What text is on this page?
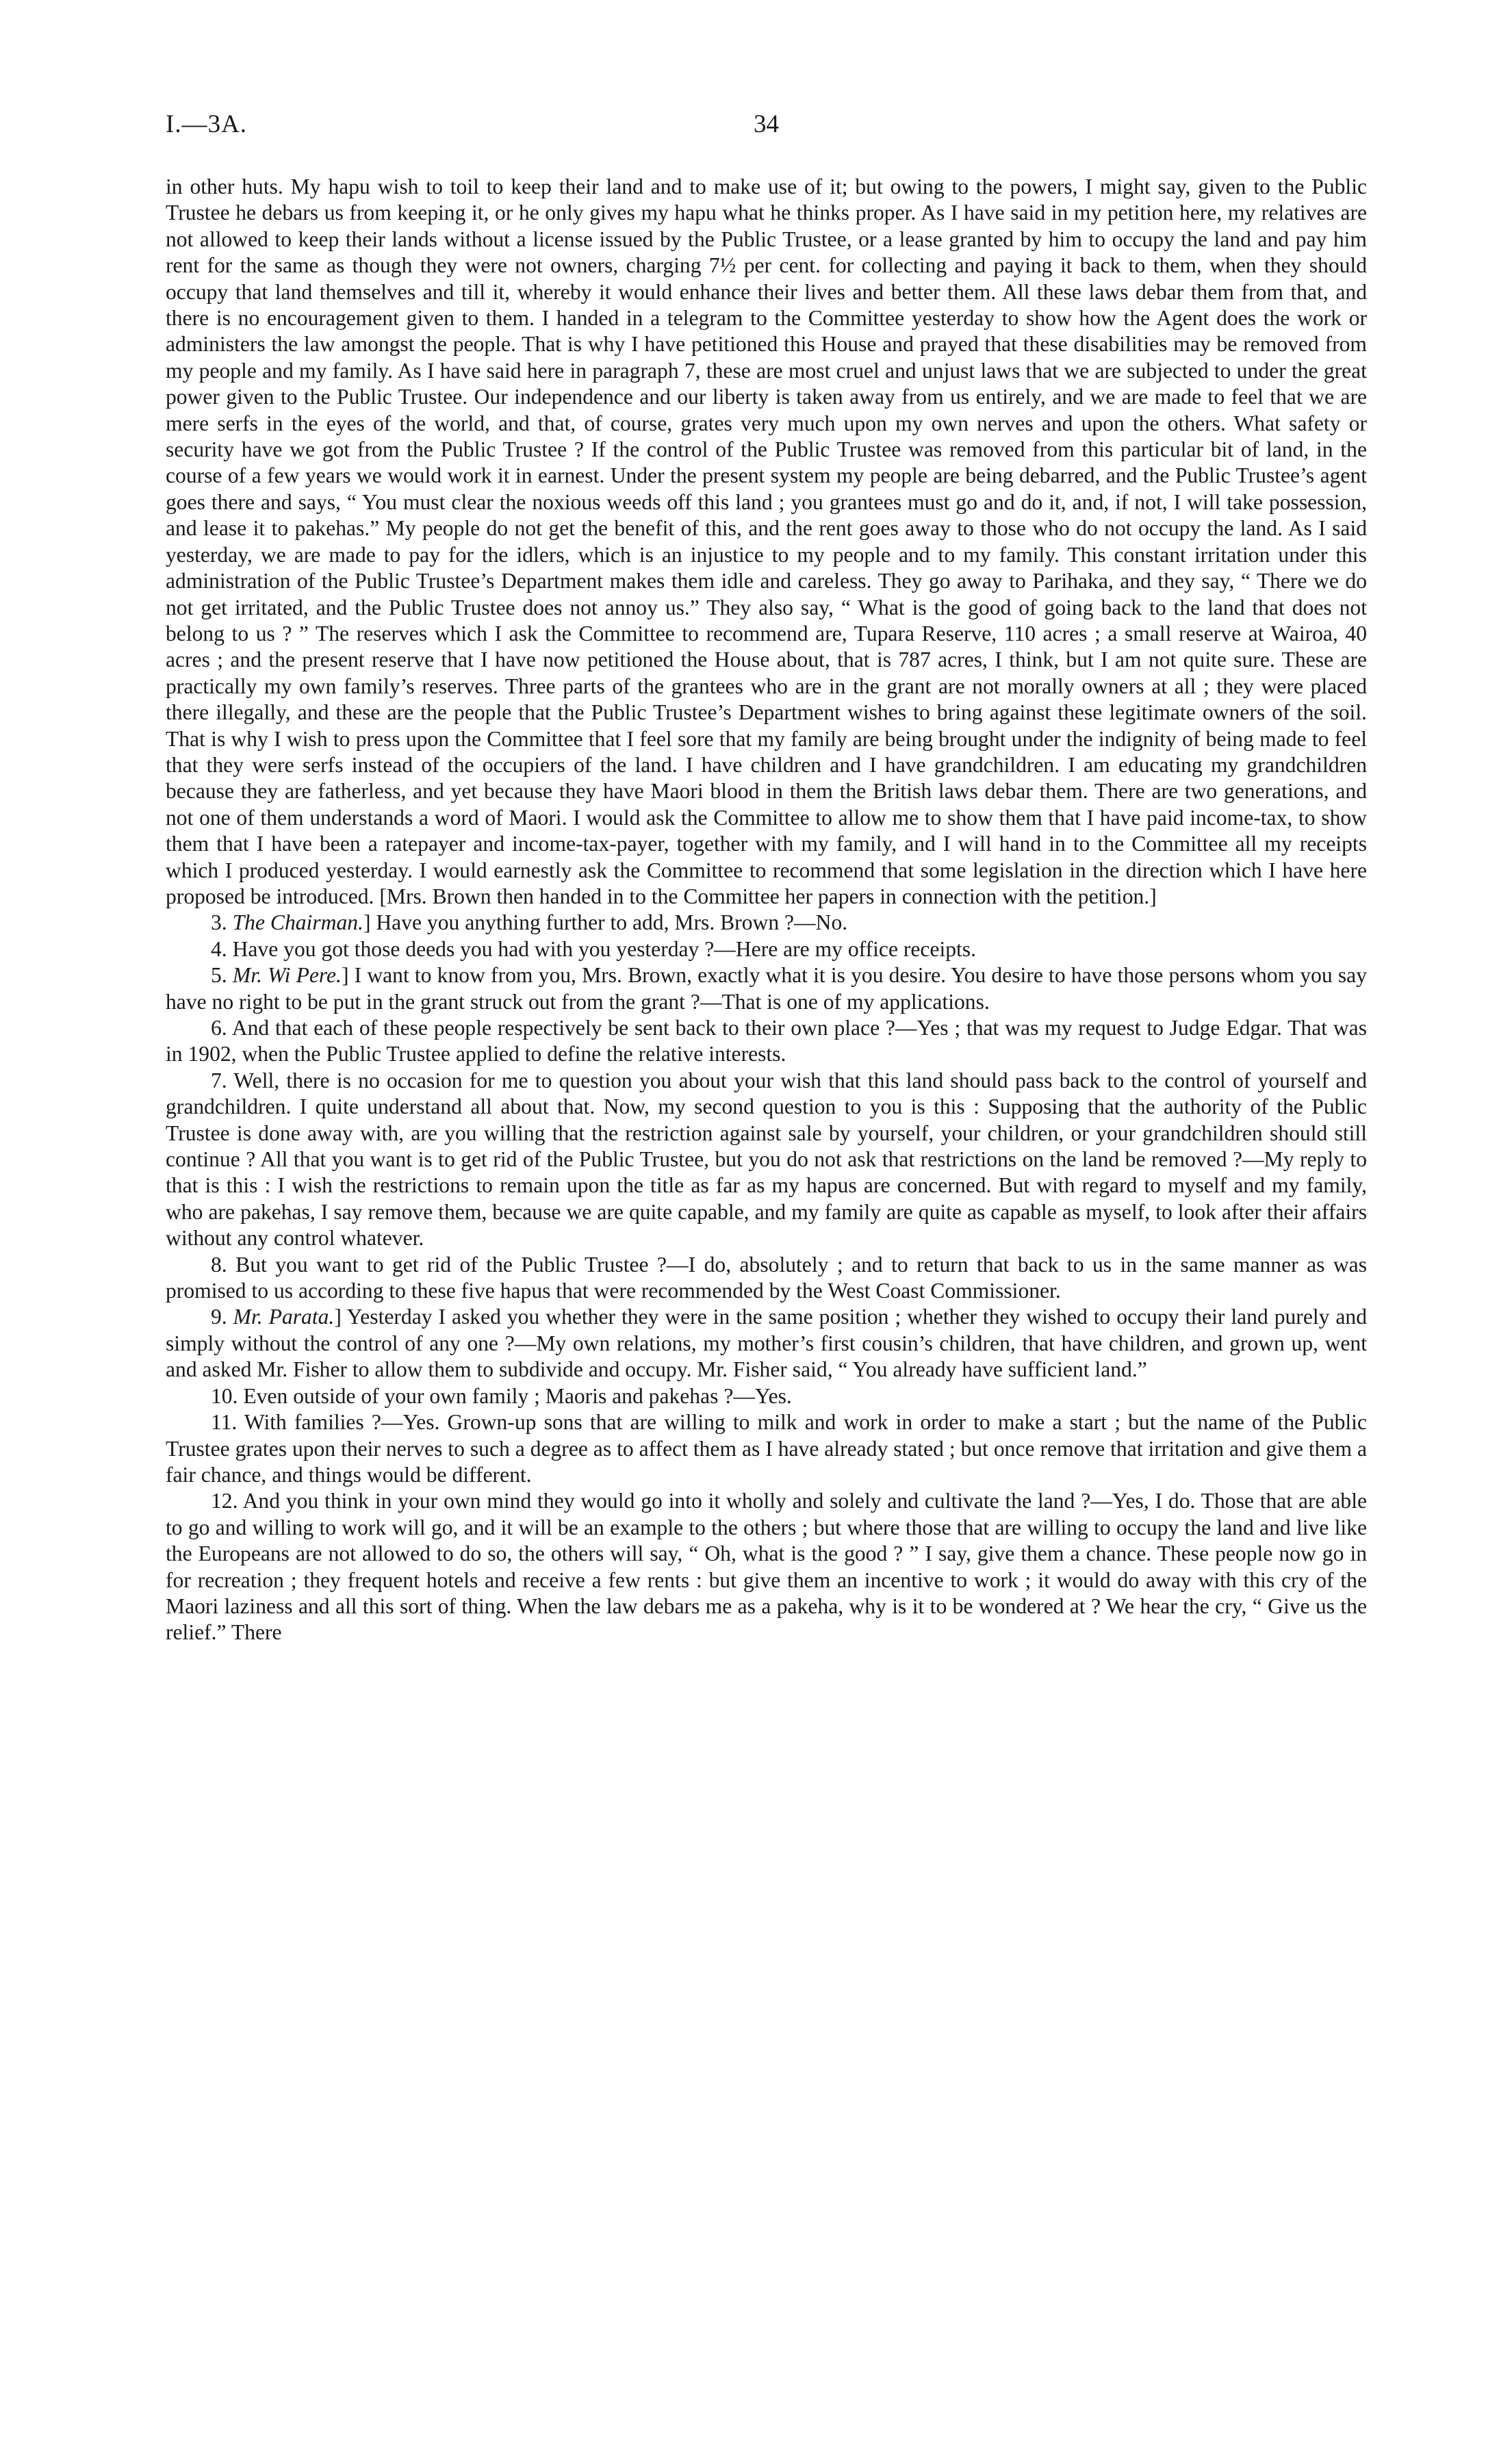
I.—3A.	34

in other huts. My hapu wish to toil to keep their land and to make use of it; but owing to the powers, I might say, given to the Public Trustee he debars us from keeping it, or he only gives my hapu what he thinks proper. As I have said in my petition here, my relatives are not allowed to keep their lands without a license issued by the Public Trustee, or a lease granted by him to occupy the land and pay him rent for the same as though they were not owners, charging 7½ per cent. for collecting and paying it back to them, when they should occupy that land themselves and till it, whereby it would enhance their lives and better them. All these laws debar them from that, and there is no encouragement given to them. I handed in a telegram to the Committee yesterday to show how the Agent does the work or administers the law amongst the people. That is why I have petitioned this House and prayed that these disabilities may be removed from my people and my family. As I have said here in paragraph 7, these are most cruel and unjust laws that we are subjected to under the great power given to the Public Trustee. Our independence and our liberty is taken away from us entirely, and we are made to feel that we are mere serfs in the eyes of the world, and that, of course, grates very much upon my own nerves and upon the others. What safety or security have we got from the Public Trustee ? If the control of the Public Trustee was removed from this particular bit of land, in the course of a few years we would work it in earnest. Under the present system my people are being debarred, and the Public Trustee’s agent goes there and says, “ You must clear the noxious weeds off this land ; you grantees must go and do it, and, if not, I will take possession, and lease it to pakehas.” My people do not get the benefit of this, and the rent goes away to those who do not occupy the land. As I said yesterday, we are made to pay for the idlers, which is an injustice to my people and to my family. This constant irritation under this administration of the Public Trustee’s Department makes them idle and careless. They go away to Parihaka, and they say, “ There we do not get irritated, and the Public Trustee does not annoy us.” They also say, “ What is the good of going back to the land that does not belong to us ? ” The reserves which I ask the Committee to recommend are, Tupara Reserve, 110 acres ; a small reserve at Wairoa, 40 acres ; and the present reserve that I have now petitioned the House about, that is 787 acres, I think, but I am not quite sure. These are practically my own family’s reserves. Three parts of the grantees who are in the grant are not morally owners at all ; they were placed there illegally, and these are the people that the Public Trustee’s Department wishes to bring against these legitimate owners of the soil. That is why I wish to press upon the Committee that I feel sore that my family are being brought under the indignity of being made to feel that they were serfs instead of the occupiers of the land. I have children and I have grandchildren. I am educating my grandchildren because they are fatherless, and yet because they have Maori blood in them the British laws debar them. There are two generations, and not one of them understands a word of Maori. I would ask the Committee to allow me to show them that I have paid income-tax, to show them that I have been a ratepayer and income-tax-payer, together with my family, and I will hand in to the Committee all my receipts which I produced yesterday. I would earnestly ask the Committee to recommend that some legislation in the direction which I have here proposed be introduced. [Mrs. Brown then handed in to the Committee her papers in connection with the petition.]

3. The Chairman.] Have you anything further to add, Mrs. Brown ?—No.

4. Have you got those deeds you had with you yesterday ?—Here are my office receipts.

5. Mr. Wi Pere.] I want to know from you, Mrs. Brown, exactly what it is you desire. You desire to have those persons whom you say have no right to be put in the grant struck out from the grant ?—That is one of my applications.

6. And that each of these people respectively be sent back to their own place ?—Yes ; that was my request to Judge Edgar. That was in 1902, when the Public Trustee applied to define the relative interests.

7. Well, there is no occasion for me to question you about your wish that this land should pass back to the control of yourself and grandchildren. I quite understand all about that. Now, my second question to you is this : Supposing that the authority of the Public Trustee is done away with, are you willing that the restriction against sale by yourself, your children, or your grandchildren should still continue ? All that you want is to get rid of the Public Trustee, but you do not ask that restrictions on the land be removed ?—My reply to that is this : I wish the restrictions to remain upon the title as far as my hapus are concerned. But with regard to myself and my family, who are pakehas, I say remove them, because we are quite capable, and my family are quite as capable as myself, to look after their affairs without any control whatever.

8. But you want to get rid of the Public Trustee ?—I do, absolutely ; and to return that back to us in the same manner as was promised to us according to these five hapus that were recommended by the West Coast Commissioner.

9. Mr. Parata.] Yesterday I asked you whether they were in the same position ; whether they wished to occupy their land purely and simply without the control of any one ?—My own relations, my mother’s first cousin’s children, that have children, and grown up, went and asked Mr. Fisher to allow them to subdivide and occupy. Mr. Fisher said, “ You already have sufficient land.”

10. Even outside of your own family ; Maoris and pakehas ?—Yes.

11. With families ?—Yes. Grown-up sons that are willing to milk and work in order to make a start ; but the name of the Public Trustee grates upon their nerves to such a degree as to affect them as I have already stated ; but once remove that irritation and give them a fair chance, and things would be different.

12. And you think in your own mind they would go into it wholly and solely and cultivate the land ?—Yes, I do. Those that are able to go and willing to work will go, and it will be an example to the others ; but where those that are willing to occupy the land and live like the Europeans are not allowed to do so, the others will say, “ Oh, what is the good ? ” I say, give them a chance. These people now go in for recreation ; they frequent hotels and receive a few rents : but give them an incentive to work ; it would do away with this cry of the Maori laziness and all this sort of thing. When the law debars me as a pakeha, why is it to be wondered at ? We hear the cry, “ Give us the relief.” There
